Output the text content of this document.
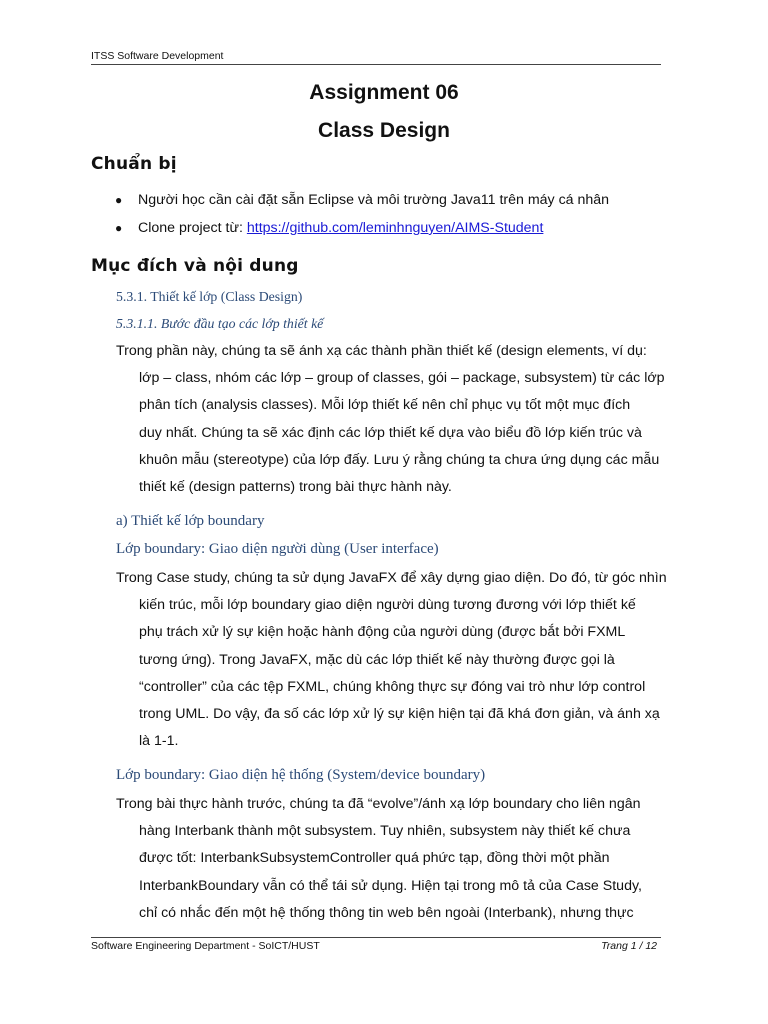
ITSS Software Development
Assignment 06
Class Design
Chuẩn bị
● Người học cần cài đặt sẵn Eclipse và môi trường Java11 trên máy cá nhân
● Clone project từ: https://github.com/leminhnguyen/AIMS-Student
Mục đích và nội dung
5.3.1. Thiết kế lớp (Class Design)
5.3.1.1. Bước đầu tạo các lớp thiết kế
Trong phần này, chúng ta sẽ ánh xạ các thành phần thiết kế (design elements, ví dụ:
lớp – class, nhóm các lớp – group of classes, gói – package, subsystem) từ các lớp
phân tích (analysis classes). Mỗi lớp thiết kế nên chỉ phục vụ tốt một mục đích
duy nhất. Chúng ta sẽ xác định các lớp thiết kế dựa vào biểu đồ lớp kiến trúc và
khuôn mẫu (stereotype) của lớp đấy. Lưu ý rằng chúng ta chưa ứng dụng các mẫu
thiết kế (design patterns) trong bài thực hành này.
a) Thiết kế lớp boundary
Lớp boundary: Giao diện người dùng (User interface)
Trong Case study, chúng ta sử dụng JavaFX để xây dựng giao diện. Do đó, từ góc nhìn
kiến trúc, mỗi lớp boundary giao diện người dùng tương đương với lớp thiết kế
phụ trách xử lý sự kiện hoặc hành động của người dùng (được bắt bởi FXML
tương ứng). Trong JavaFX, mặc dù các lớp thiết kế này thường được gọi là
“controller” của các tệp FXML, chúng không thực sự đóng vai trò như lớp control
trong UML. Do vậy, đa số các lớp xử lý sự kiện hiện tại đã khá đơn giản, và ánh xạ
là 1-1.
Lớp boundary: Giao diện hệ thống (System/device boundary)
Trong bài thực hành trước, chúng ta đã “evolve”/ánh xạ lớp boundary cho liên ngân
hàng Interbank thành một subsystem. Tuy nhiên, subsystem này thiết kế chưa
được tốt: InterbankSubsystemController quá phức tạp, đồng thời một phần
InterbankBoundary vẫn có thể tái sử dụng. Hiện tại trong mô tả của Case Study,
chỉ có nhắc đến một hệ thống thông tin web bên ngoài (Interbank), nhưng thực
Software Engineering Department - SoICT/HUST	Trang 1 / 12
